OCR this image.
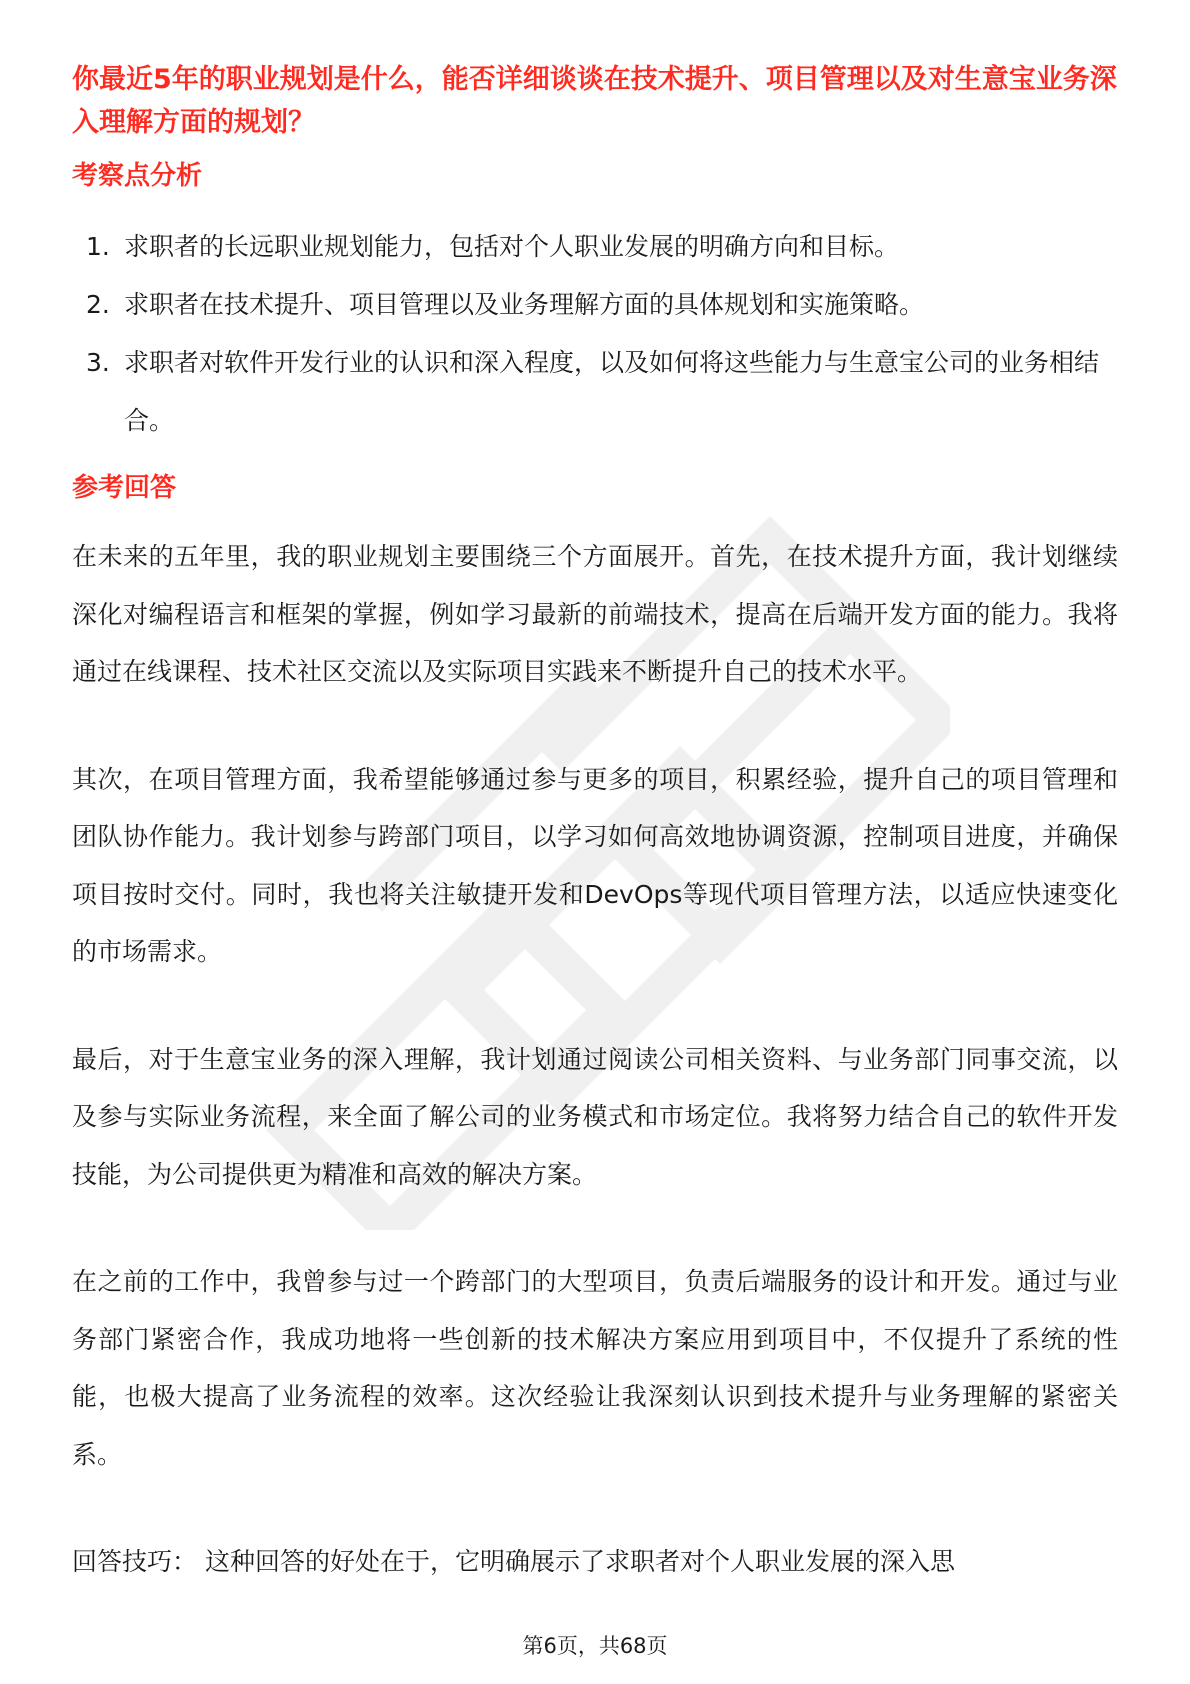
你最近5年的职业规划是什么，能否详细谈谈在技术提升、项目管理以及对生意宝业务深入理解方面的规划？

考察点分析
1. 求职者的长远职业规划能力，包括对个人职业发展的明确方向和目标。
2. 求职者在技术提升、项目管理以及业务理解方面的具体规划和实施策略。
3. 求职者对软件开发行业的认识和深入程度，以及如何将这些能力与生意宝公司的业务相结合。
参考回答

在未来的五年里，我的职业规划主要围绕三个方面展开。首先，在技术提升方面，我计划继续深化对编程语言和框架的掌握，例如学习最新的前端技术，提高在后端开发方面的能力。我将通过在线课程、技术社区交流以及实际项目实践来不断提升自己的技术水平。

其次，在项目管理方面，我希望能够通过参与更多的项目，积累经验，提升自己的项目管理和团队协作能力。我计划参与跨部门项目，以学习如何高效地协调资源，控制项目进度，并确保项目按时交付。同时，我也将关注敏捷开发和DevOps等现代项目管理方法，以适应快速变化的市场需求。

最后，对于生意宝业务的深入理解，我计划通过阅读公司相关资料、与业务部门同事交流，以及参与实际业务流程，来全面了解公司的业务模式和市场定位。我将努力结合自己的软件开发技能，为公司提供更为精准和高效的解决方案。

在之前的工作中，我曾参与过一个跨部门的大型项目，负责后端服务的设计和开发。通过与业务部门紧密合作，我成功地将一些创新的技术解决方案应用到项目中，不仅提升了系统的性能，也极大提高了业务流程的效率。这次经验让我深刻认识到技术提升与业务理解的紧密关系。

回答技巧： 这种回答的好处在于，它明确展示了求职者对个人职业发展的深入思

第6页，共68页
